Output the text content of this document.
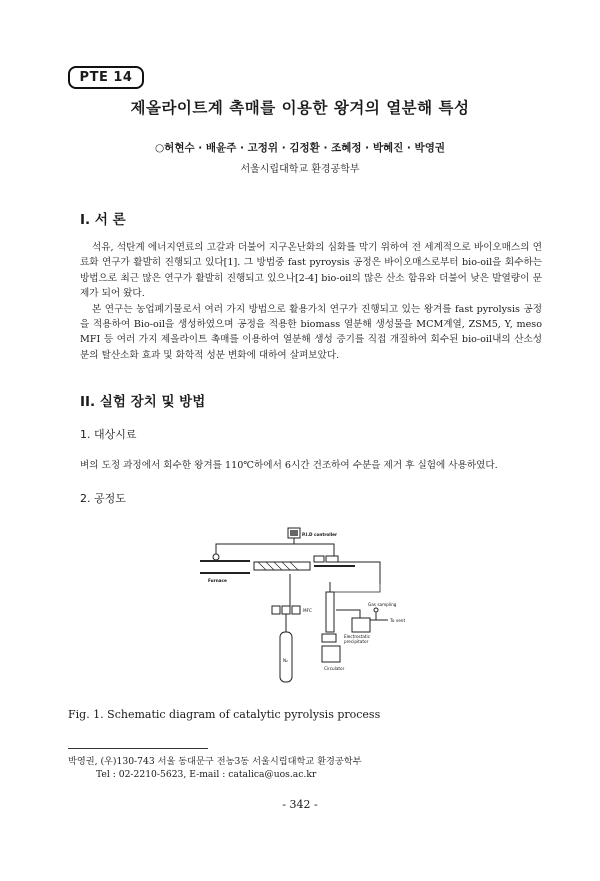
PTE 14
제올라이트계 촉매를 이용한 왕겨의 열분해 특성
○허현수 · 배윤주 · 고정위 · 김정환 · 조혜정 · 박혜진 · 박영권
서울시립대학교 환경공학부
I. 서 론

석유, 석탄계 에너지연료의 고갈과 더불어 지구온난화의 심화를 막기 위하여 전 세계적으로 바이오매스의 연료화 연구가 활발히 진행되고 있다[1]. 그 방법중 fast pyroysis 공정은 바이오매스로부터 bio-oil을 회수하는 방법으로 최근 많은 연구가 활발히 진행되고 있으나[2-4] bio-oil의 많은 산소 함유와 더불어 낮은 발열량이 문제가 되어 왔다.

본 연구는 농업폐기물로서 여러 가지 방법으로 활용가치 연구가 진행되고 있는 왕겨를 fast pyrolysis 공정을 적용하여 Bio-oil을 생성하였으며 공정을 적용한 biomass 열분해 생성물을 MCM계열, ZSM5, Y, meso MFI 등 여러 가지 제올라이트 촉매를 이용하여 열분해 생성 증기를 직접 개질하여 회수된 bio-oil내의 산소성분의 탈산소화 효과 및 화학적 성분 변화에 대하여 살펴보았다.

II. 실험 장치 및 방법
1. 대상시료

벼의 도정 과정에서 회수한 왕겨를 110℃하에서 6시간 건조하여 수분을 제거 후 실험에 사용하였다.

2. 공정도
P.I.D controller
Furnace
MFC
N₂
Gas sampling
To vent
Electrostatic
precipitator
Circulator
Fig. 1. Schematic diagram of catalytic pyrolysis process
박영권, (우)130-743 서울 동대문구 전농3동 서울시립대학교 환경공학부
Tel : 02-2210-5623, E-mail : catalica@uos.ac.kr
- 342 -
